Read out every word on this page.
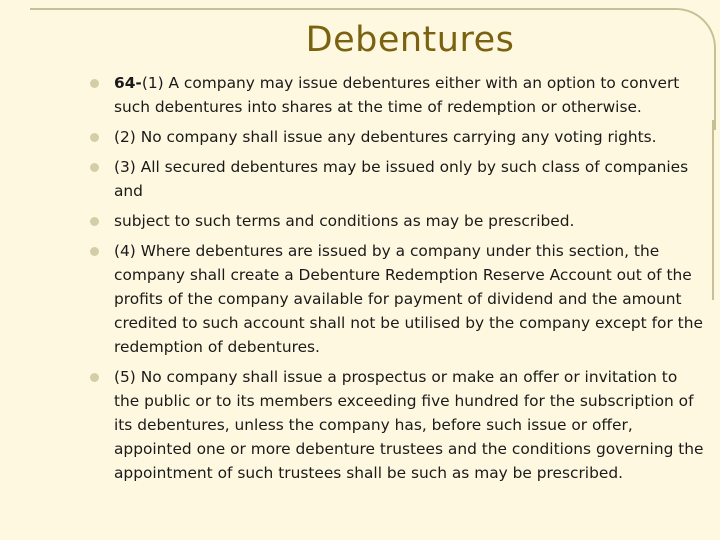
Debentures
64-(1) A company may issue debentures either with an option to convert such debentures into shares at the time of redemption or otherwise.
(2) No company shall issue any debentures carrying any voting rights.
(3) All secured debentures may be issued only by such class of companies and
subject to such terms and conditions as may be prescribed.
(4) Where debentures are issued by a company under this section, the company shall create a Debenture Redemption Reserve Account out of the profits of the company available for payment of dividend and the amount credited to such account shall not be utilised by the company except for the redemption of debentures.
(5) No company shall issue a prospectus or make an offer or invitation to the public or to its members exceeding five hundred for the subscription of its debentures, unless the company has, before such issue or offer, appointed one or more debenture trustees and the conditions governing the appointment of such trustees shall be such as may be prescribed.
